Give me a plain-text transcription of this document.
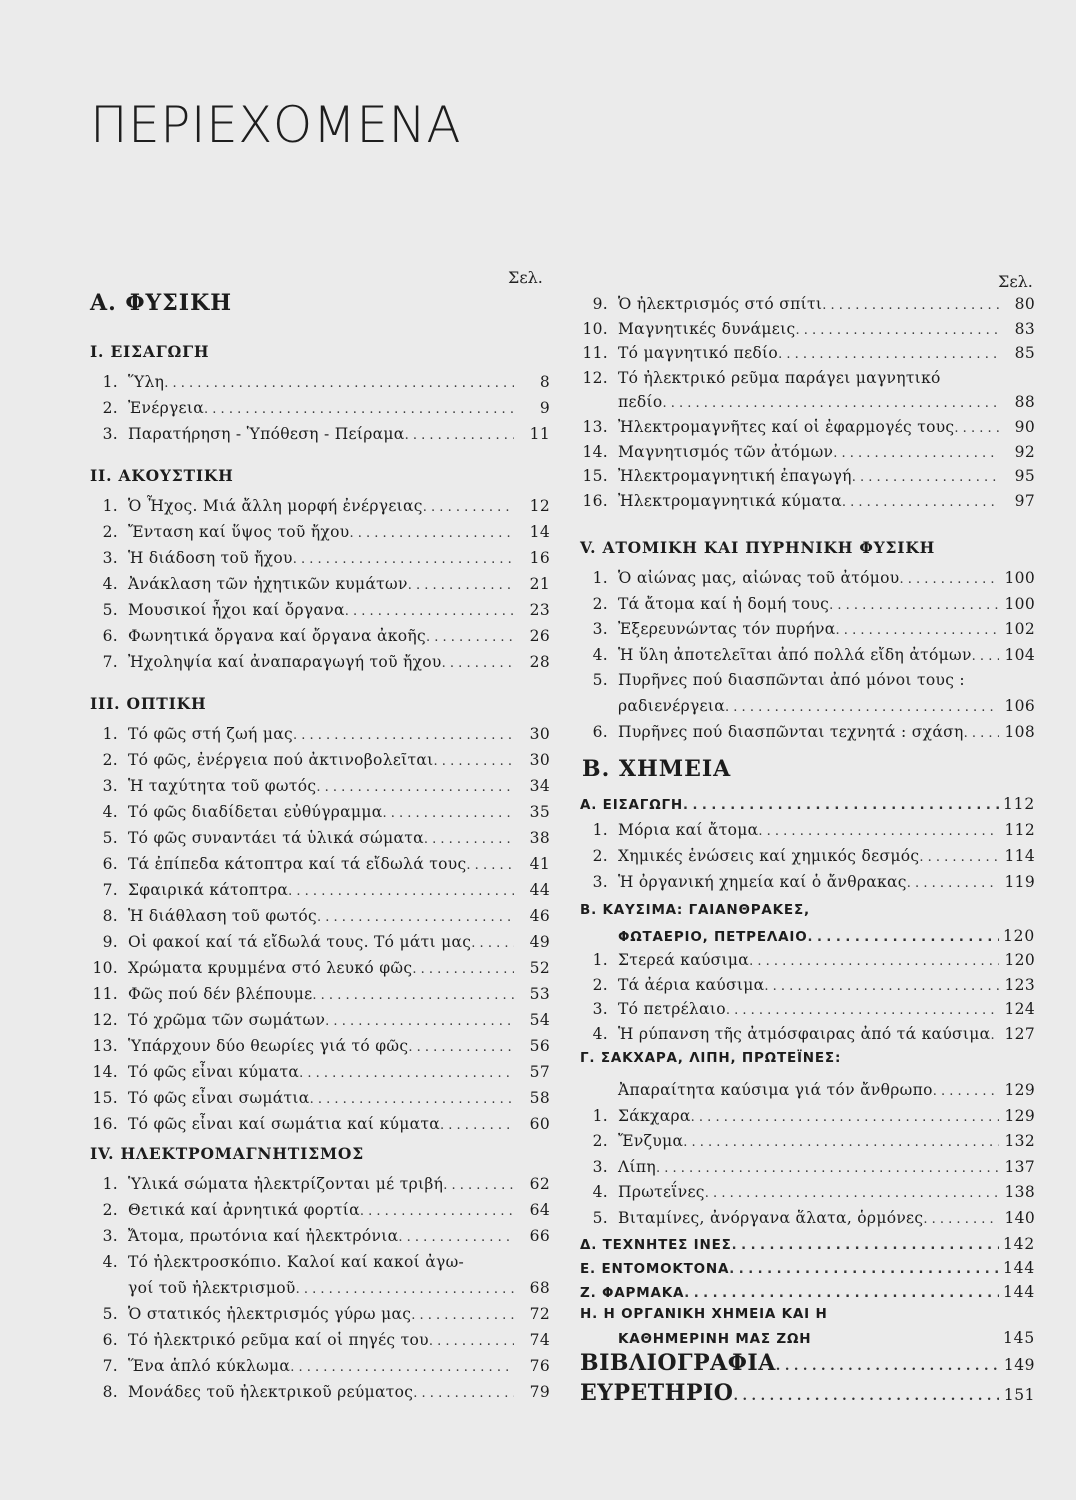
ΠΕΡΙΕΧΟΜΕΝΑ
Σελ.
Α. ΦΥΣΙΚΗ
I. ΕΙΣΑΓΩΓΗ
1. Ὕλη . . .	8
2. Ἐνέργεια . . .	9
3. Παρατήρηση - Ὑπόθεση - Πείραμα . . .	11
II. ΑΚΟΥΣΤΙΚΗ
1. Ὁ Ἦχος. Μιά ἄλλη μορφή ἐνέργειας . . .	12
2. Ἔνταση καί ὕψος τοῦ ἤχου . . .	14
3. Ἡ διάδοση τοῦ ἤχου . . .	16
4. Ἀνάκλαση τῶν ἠχητικῶν κυμάτων . . .	21
5. Μουσικοί ἦχοι καί ὄργανα . . .	23
6. Φωνητικά ὄργανα καί ὄργανα ἀκοῆς . . .	26
7. Ἠχοληψία καί ἀναπαραγωγή τοῦ ἤχου . . .	28
III. ΟΠΤΙΚΗ
1. Τό φῶς στή ζωή μας . . .	30
2. Τό φῶς, ἐνέργεια πού ἀκτινοβολεῖται . . .	30
3. Ἡ ταχύτητα τοῦ φωτός . . .	34
4. Τό φῶς διαδίδεται εὐθύγραμμα . . .	35
5. Τό φῶς συναντάει τά ὑλικά σώματα . . .	38
6. Τά ἐπίπεδα κάτοπτρα καί τά εἴδωλά τους . . .	41
7. Σφαιρικά κάτοπτρα . . .	44
8. Ἡ διάθλαση τοῦ φωτός . . .	46
9. Οἱ φακοί καί τά εἴδωλά τους. Τό μάτι μας . . .	49
10. Χρώματα κρυμμένα στό λευκό φῶς . . .	52
11. Φῶς πού δέν βλέπουμε . . .	53
12. Τό χρῶμα τῶν σωμάτων . . .	54
13. Ὑπάρχουν δύο θεωρίες γιά τό φῶς . . .	56
14. Τό φῶς εἶναι κύματα . . .	57
15. Τό φῶς εἶναι σωμάτια . . .	58
16. Τό φῶς εἶναι καί σωμάτια καί κύματα . . .	60
IV. ΗΛΕΚΤΡΟΜΑΓΝΗΤΙΣΜΟΣ
1. Ὑλικά σώματα ἠλεκτρίζονται μέ τριβή . . .	62
2. Θετικά καί ἀρνητικά φορτία . . .	64
3. Ἄτομα, πρωτόνια καί ἠλεκτρόνια . . .	66
4. Τό ἠλεκτροσκόπιο. Καλοί καί κακοί ἀγω-
γοί τοῦ ἠλεκτρισμοῦ . . .	68
5. Ὁ στατικός ἠλεκτρισμός γύρω μας . . .	72
6. Τό ἠλεκτρικό ρεῦμα καί οἱ πηγές του . . .	74
7. Ἕνα ἁπλό κύκλωμα . . .	76
8. Μονάδες τοῦ ἠλεκτρικοῦ ρεύματος . . .	79
Σελ.
9. Ὁ ἠλεκτρισμός στό σπίτι . . .	80
10. Μαγνητικές δυνάμεις . . .	83
11. Τό μαγνητικό πεδίο . . .	85
12. Τό ἠλεκτρικό ρεῦμα παράγει μαγνητικό
πεδίο . . .	88
13. Ἠλεκτρομαγνῆτες καί οἱ ἐφαρμογές τους . . .	90
14. Μαγνητισμός τῶν ἀτόμων . . .	92
15. Ἠλεκτρομαγνητική ἐπαγωγή . . .	95
16. Ἠλεκτρομαγνητικά κύματα . . .	97
V. ΑΤΟΜΙΚΗ ΚΑΙ ΠΥΡΗΝΙΚΗ ΦΥΣΙΚΗ
1. Ὁ αἰώνας μας, αἰώνας τοῦ ἀτόμου . . .	100
2. Τά ἄτομα καί ἡ δομή τους . . .	100
3. Ἐξερευνώντας τόν πυρήνα . . .	102
4. Ἡ ὕλη ἀποτελεῖται ἀπό πολλά εἴδη ἀτόμων . . .	104
5. Πυρῆνες πού διασπῶνται ἀπό μόνοι τους :
ραδιενέργεια . . .	106
6. Πυρῆνες πού διασπῶνται τεχνητά : σχάση . . .	108
Β. ΧΗΜΕΙΑ
Α. ΕΙΣΑΓΩΓΗ . . .	112
1. Μόρια καί ἄτομα . . .	112
2. Χημικές ἑνώσεις καί χημικός δεσμός . . .	114
3. Ἡ ὀργανική χημεία καί ὁ ἄνθρακας . . .	119
Β. ΚΑΥΣΙΜΑ: ΓΑΙΑΝΘΡΑΚΕΣ,
ΦΩΤΑΕΡΙΟ, ΠΕΤΡΕΛΑΙΟ . . .	120
1. Στερεά καύσιμα . . .	120
2. Τά ἀέρια καύσιμα . . .	123
3. Τό πετρέλαιο . . .	124
4. Ἡ ρύπανση τῆς ἀτμόσφαιρας ἀπό τά καύσιμα . . . 127
Γ. ΣΑΚΧΑΡΑ, ΛΙΠΗ, ΠΡΩΤΕΪΝΕΣ:
Ἀπαραίτητα καύσιμα γιά τόν ἄνθρωπο . . .	129
1. Σάκχαρα . . .	129
2. Ἔνζυμα . . .	132
3. Λίπη . . .	137
4. Πρωτεΐνες . . .	138
5. Βιταμίνες, ἀνόργανα ἅλατα, ὁρμόνες . . .	140
Δ. ΤΕΧΝΗΤΕΣ ΙΝΕΣ . . .	142
Ε. ΕΝΤΟΜΟΚΤΟΝΑ . . .	144
Ζ. ΦΑΡΜΑΚΑ . . .	144
Η. Η ΟΡΓΑΝΙΚΗ ΧΗΜΕΙΑ ΚΑΙ Η
ΚΑΘΗΜΕΡΙΝΗ ΜΑΣ ΖΩΗ	145
ΒΙΒΛΙΟΓΡΑΦΙΑ . . .	149
ΕΥΡΕΤΗΡΙΟ . . .	151
